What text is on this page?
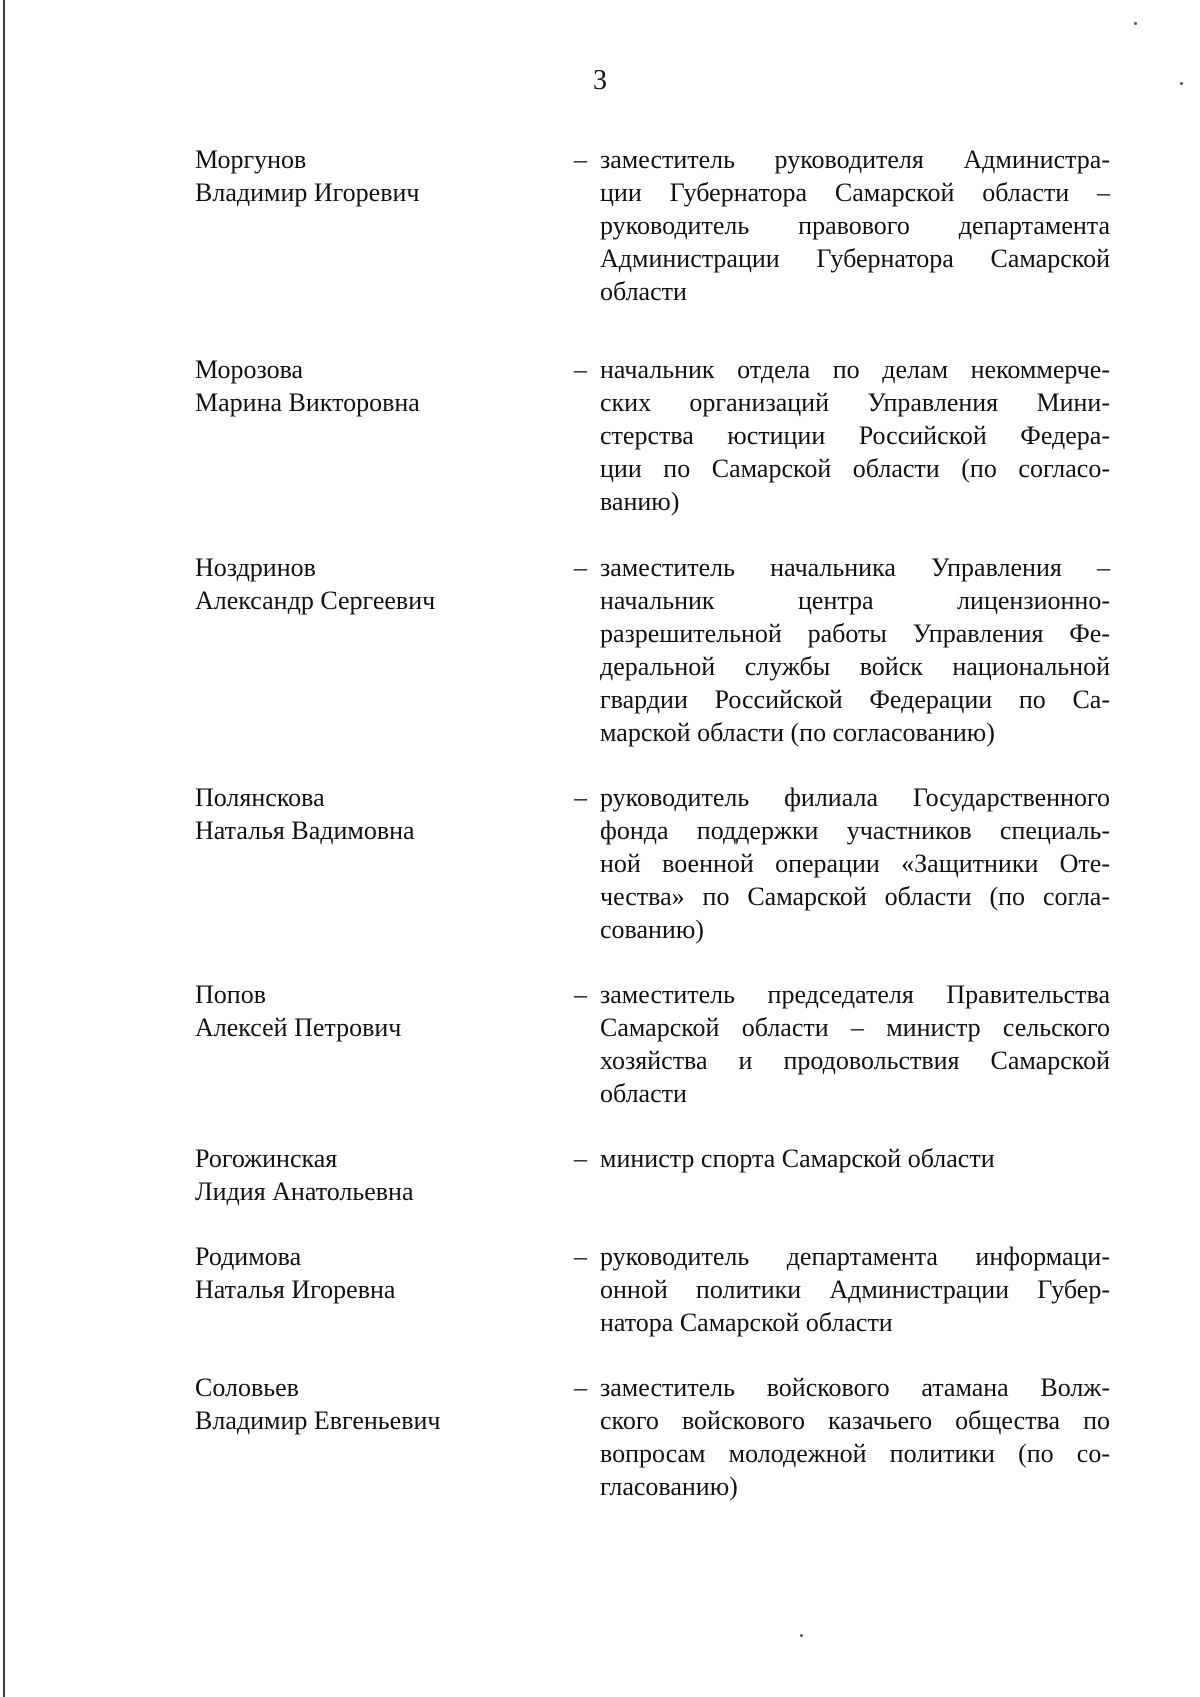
3
Моргунов
Владимир Игоревич
– заместитель руководителя Администра-
ции Губернатора Самарской области –
руководитель правового департамента
Администрации Губернатора Самарской
области
Морозова
Марина Викторовна
– начальник отдела по делам некоммерче-
ских организаций Управления Мини-
стерства юстиции Российской Федера-
ции по Самарской области (по согласо-
ванию)
Ноздринов
Александр Сергеевич
– заместитель начальника Управления –
начальник центра лицензионно-
разрешительной работы Управления Фе-
деральной службы войск национальной
гвардии Российской Федерации по Са-
марской области (по согласованию)
Полянскова
Наталья Вадимовна
– руководитель филиала Государственного
фонда поддержки участников специаль-
ной военной операции «Защитники Оте-
чества» по Самарской области (по согла-
сованию)
Попов
Алексей Петрович
– заместитель председателя Правительства
Самарской области – министр сельского
хозяйства и продовольствия Самарской
области
Рогожинская
Лидия Анатольевна
– министр спорта Самарской области
Родимова
Наталья Игоревна
– руководитель департамента информаци-
онной политики Администрации Губер-
натора Самарской области
Соловьев
Владимир Евгеньевич
– заместитель войскового атамана Волж-
ского войскового казачьего общества по
вопросам молодежной политики (по со-
гласованию)
